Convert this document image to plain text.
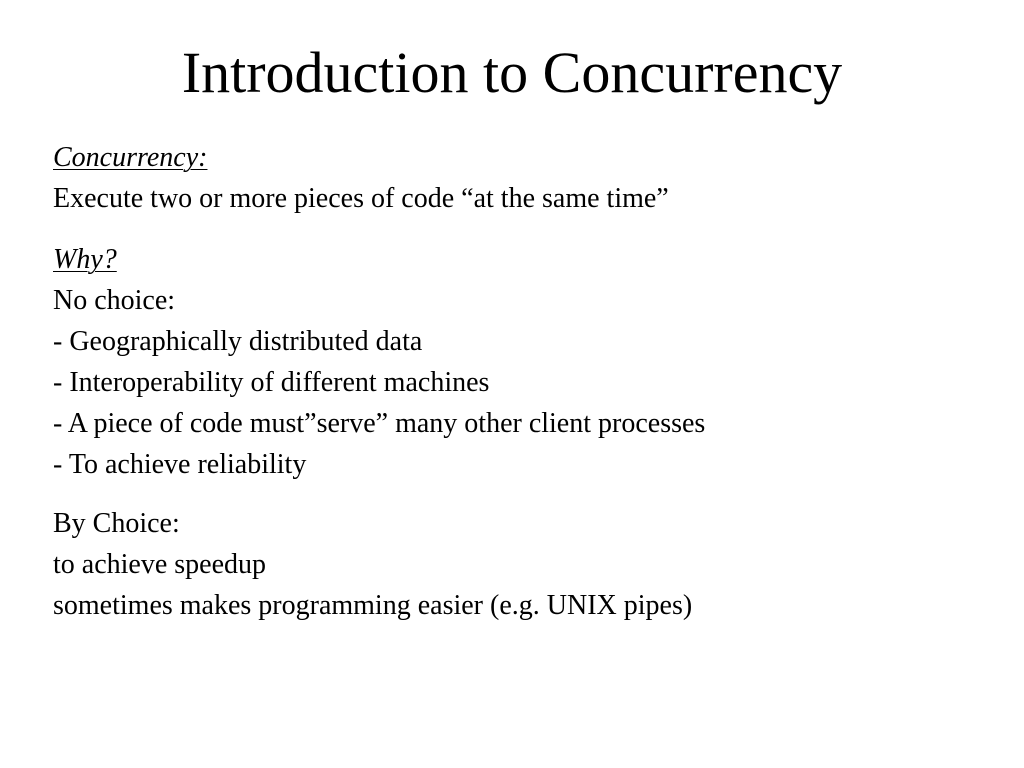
Introduction to Concurrency
Concurrency:
Execute two or more pieces of code “at the same time”
Why?
No choice:
- Geographically distributed data
- Interoperability of different machines
- A piece of code must”serve” many other client processes
- To achieve reliability
By Choice:
to achieve speedup
sometimes makes programming easier (e.g. UNIX pipes)
